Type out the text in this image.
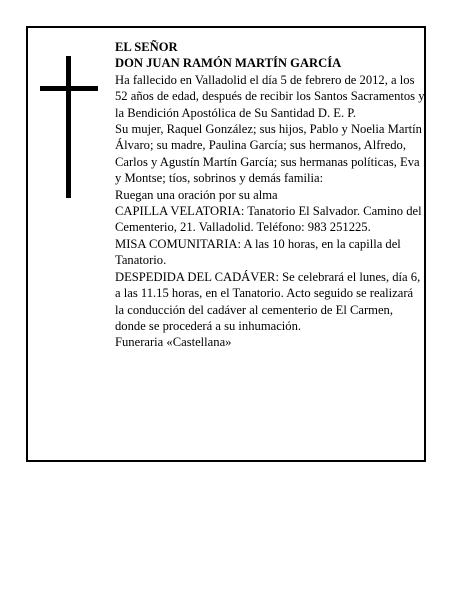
EL SEÑOR

DON JUAN RAMÓN MARTÍN GARCÍA

Ha fallecido en Valladolid el día 5 de febrero de 2012, a los 52 años de edad, después de recibir los Santos Sacramentos y la Bendición Apostólica de Su Santidad D. E. P.

Su mujer, Raquel González; sus hijos, Pablo y Noelia Martín Álvaro; su madre, Paulina García; sus hermanos, Alfredo, Carlos y Agustín Martín García; sus hermanas políticas, Eva y Montse; tíos, sobrinos y demás familia:

Ruegan una oración por su alma

CAPILLA VELATORIA: Tanatorio El Salvador. Camino del Cementerio, 21. Valladolid. Teléfono: 983 251225.

MISA COMUNITARIA: A las 10 horas, en la capilla del Tanatorio.

DESPEDIDA DEL CADÁVER: Se celebrará el lunes, día 6, a las 11.15 horas, en el Tanatorio. Acto seguido se realizará la conducción del cadáver al cementerio de El Carmen, donde se procederá a su inhumación.

Funeraria «Castellana»
